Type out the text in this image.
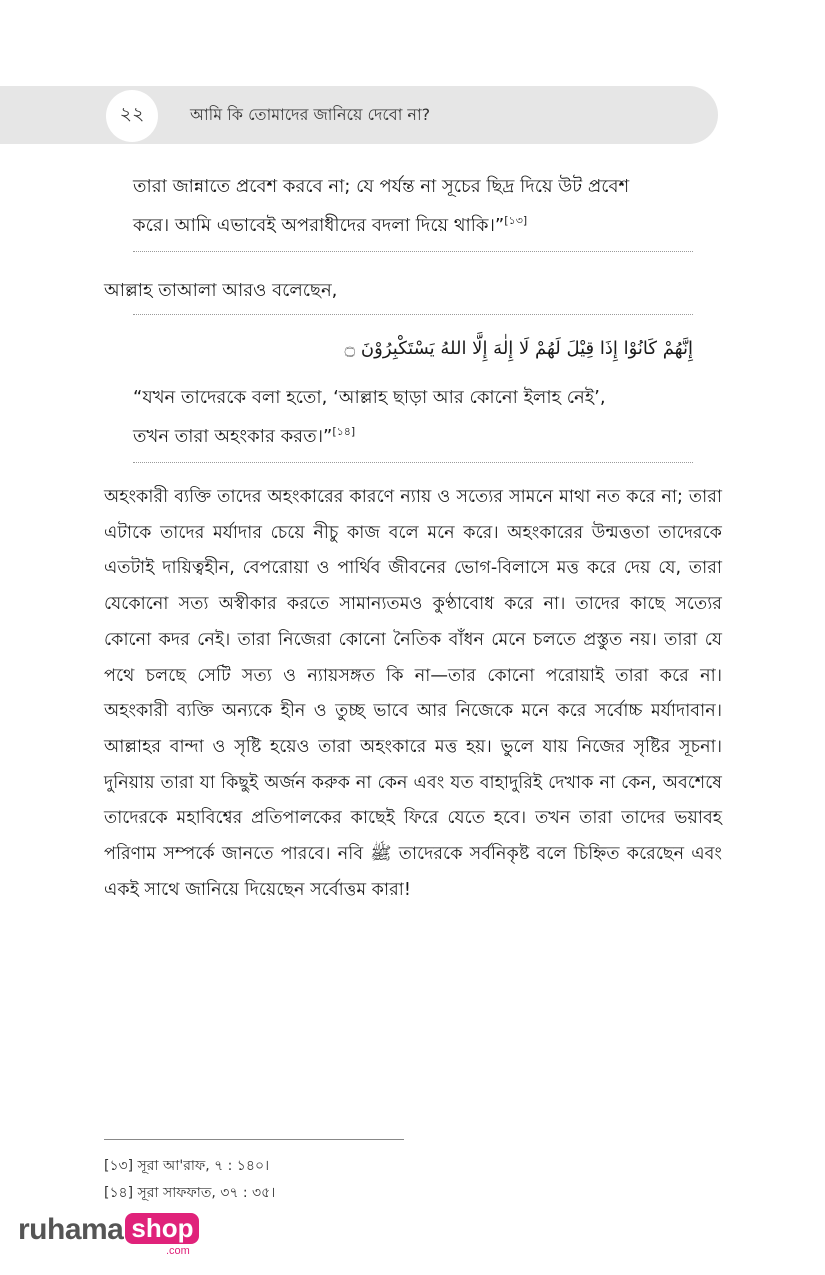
২২	আমি কি তোমাদের জানিয়ে দেবো না?

তারা জান্নাতে প্রবেশ করবে না; যে পর্যন্ত না সূচের ছিদ্র দিয়ে উট প্রবেশ

করে। আমি এভাবেই অপরাধীদের বদলা দিয়ে থাকি।”[১৩]

আল্লাহ তাআলা আরও বলেছেন,

إِنَّهُمْ كَانُوْا إِذَا قِيْلَ لَهُمْ لَا إِلٰهَ إِلَّا اللهُ يَسْتَكْبِرُوْنَ ۝

“যখন তাদেরকে বলা হতো, ‘আল্লাহ ছাড়া আর কোনো ইলাহ নেই’,

তখন তারা অহংকার করত।”[১৪]

অহংকারী ব্যক্তি তাদের অহংকারের কারণে ন্যায় ও সত্যের সামনে মাথা নত করে না; তারা এটাকে তাদের মর্যাদার চেয়ে নীচু কাজ বলে মনে করে। অহংকারের উন্মত্ততা তাদেরকে এতটাই দায়িত্বহীন, বেপরোয়া ও পার্থিব জীবনের ভোগ-বিলাসে মত্ত করে দেয় যে, তারা যেকোনো সত্য অস্বীকার করতে সামান্যতমও কুণ্ঠাবোধ করে না। তাদের কাছে সত্যের কোনো কদর নেই। তারা নিজেরা কোনো নৈতিক বাঁধন মেনে চলতে প্রস্তুত নয়। তারা যে পথে চলছে সেটি সত্য ও ন্যায়সঙ্গত কি না—তার কোনো পরোয়াই তারা করে না। অহংকারী ব্যক্তি অন্যকে হীন ও তুচ্ছ ভাবে আর নিজেকে মনে করে সর্বোচ্চ মর্যাদাবান। আল্লাহর বান্দা ও সৃষ্টি হয়েও তারা অহংকারে মত্ত হয়। ভুলে যায় নিজের সৃষ্টির সূচনা। দুনিয়ায় তারা যা কিছুই অর্জন করুক না কেন এবং যত বাহাদুরিই দেখাক না কেন, অবশেষে তাদেরকে মহাবিশ্বের প্রতিপালকের কাছেই ফিরে যেতে হবে। তখন তারা তাদের ভয়াবহ পরিণাম সম্পর্কে জানতে পারবে। নবি ﷺ তাদেরকে সর্বনিকৃষ্ট বলে চিহ্নিত করেছেন এবং একই সাথে জানিয়ে দিয়েছেন সর্বোত্তম কারা!

[১৩] সূরা আ'রাফ, ৭ : ১৪০।
[১৪] সূরা সাফফাত, ৩৭ : ৩৫।
ruhama shop
.com
